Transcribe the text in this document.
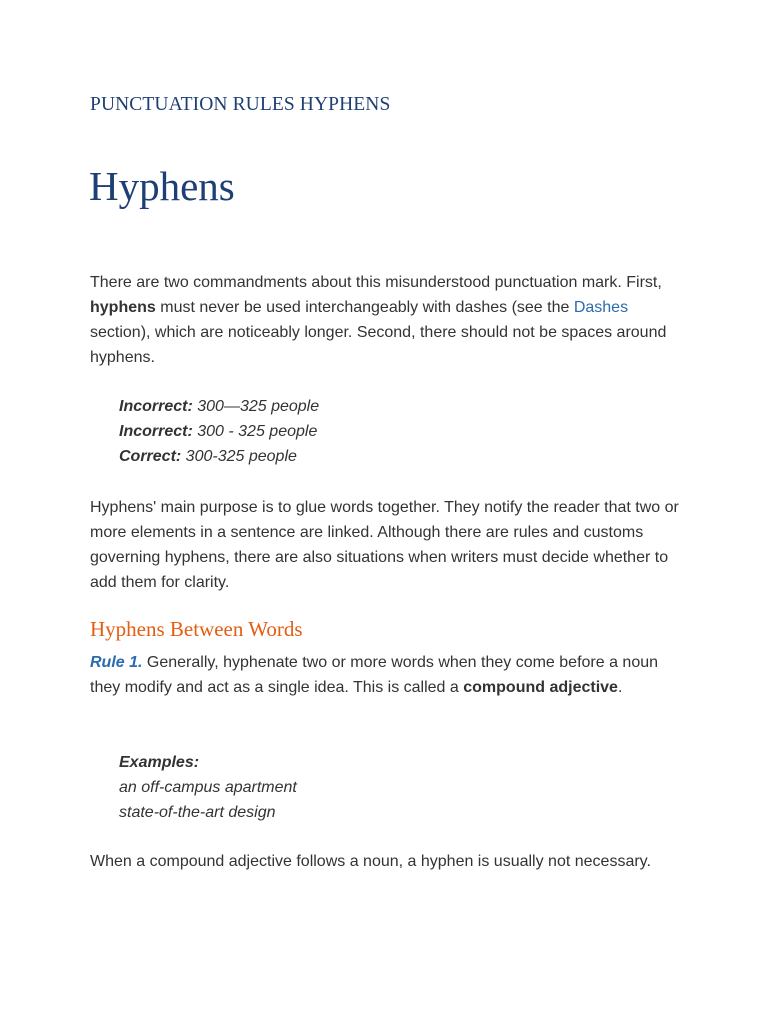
PUNCTUATION RULES HYPHENS
Hyphens

There are two commandments about this misunderstood punctuation mark. First, hyphens must never be used interchangeably with dashes (see the Dashes section), which are noticeably longer. Second, there should not be spaces around hyphens.

Incorrect: 300—325 people
Incorrect: 300 - 325 people
Correct: 300-325 people

Hyphens' main purpose is to glue words together. They notify the reader that two or more elements in a sentence are linked. Although there are rules and customs governing hyphens, there are also situations when writers must decide whether to add them for clarity.

Hyphens Between Words

Rule 1. Generally, hyphenate two or more words when they come before a noun they modify and act as a single idea. This is called a compound adjective.

Examples:
an off-campus apartment
state-of-the-art design

When a compound adjective follows a noun, a hyphen is usually not necessary.
